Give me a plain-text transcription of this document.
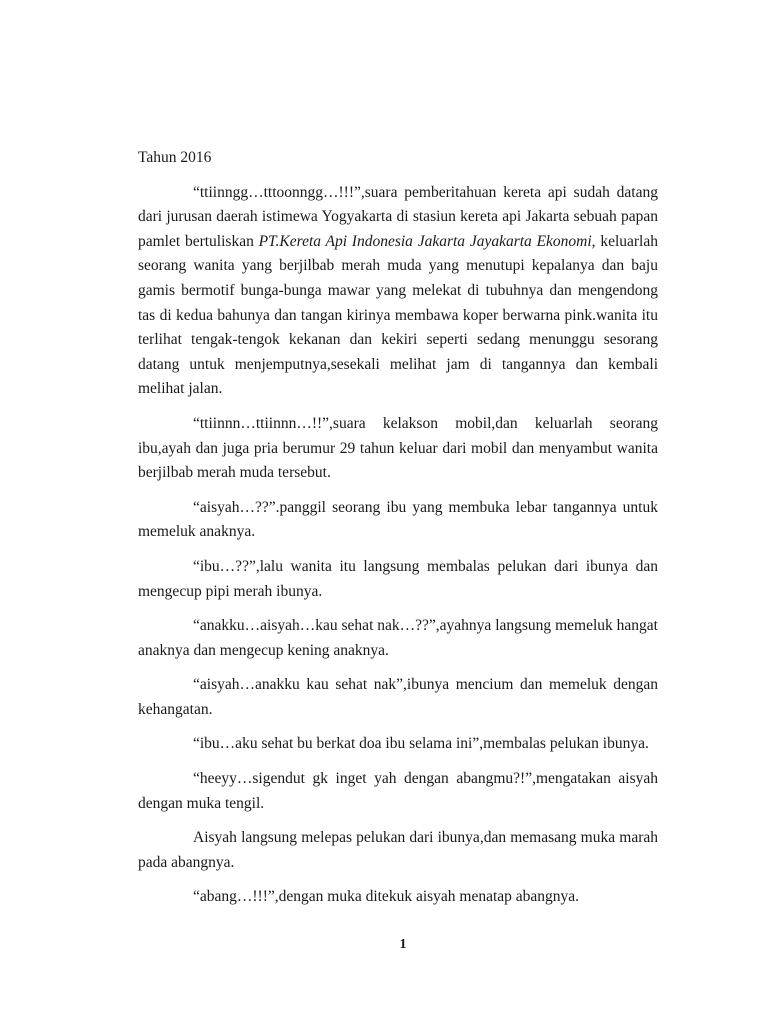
Tahun 2016

“ttiinngg…tttoonngg…!!!”,suara pemberitahuan kereta api sudah datang dari jurusan daerah istimewa Yogyakarta di stasiun kereta api Jakarta sebuah papan pamlet bertuliskan PT.Kereta Api Indonesia Jakarta Jayakarta Ekonomi, keluarlah seorang wanita yang berjilbab merah muda yang menutupi kepalanya dan baju gamis bermotif bunga-bunga mawar yang melekat di tubuhnya dan mengendong tas di kedua bahunya dan tangan kirinya membawa koper berwarna pink.wanita itu terlihat tengak-tengok kekanan dan kekiri seperti sedang menunggu sesorang datang untuk menjemputnya,sesekali melihat jam di tangannya dan kembali melihat jalan.

“ttiinnn…ttiinnn…!!”,suara kelakson mobil,dan keluarlah seorang ibu,ayah dan juga pria berumur 29 tahun keluar dari mobil dan menyambut wanita berjilbab merah muda tersebut.

“aisyah…??”.panggil seorang ibu yang membuka lebar tangannya untuk memeluk anaknya.

“ibu…??”,lalu wanita itu langsung membalas pelukan dari ibunya dan mengecup pipi merah ibunya.

“anakku…aisyah…kau sehat nak…??”,ayahnya langsung memeluk hangat anaknya dan mengecup kening anaknya.

“aisyah…anakku kau sehat nak”,ibunya mencium dan memeluk dengan kehangatan.

“ibu…aku sehat bu berkat doa ibu selama ini”,membalas pelukan ibunya.

“heeyy…sigendut gk inget yah dengan abangmu?!”,mengatakan aisyah dengan muka tengil.

Aisyah langsung melepas pelukan dari ibunya,dan memasang muka marah pada abangnya.

“abang…!!!”,dengan muka ditekuk aisyah menatap abangnya.

1
